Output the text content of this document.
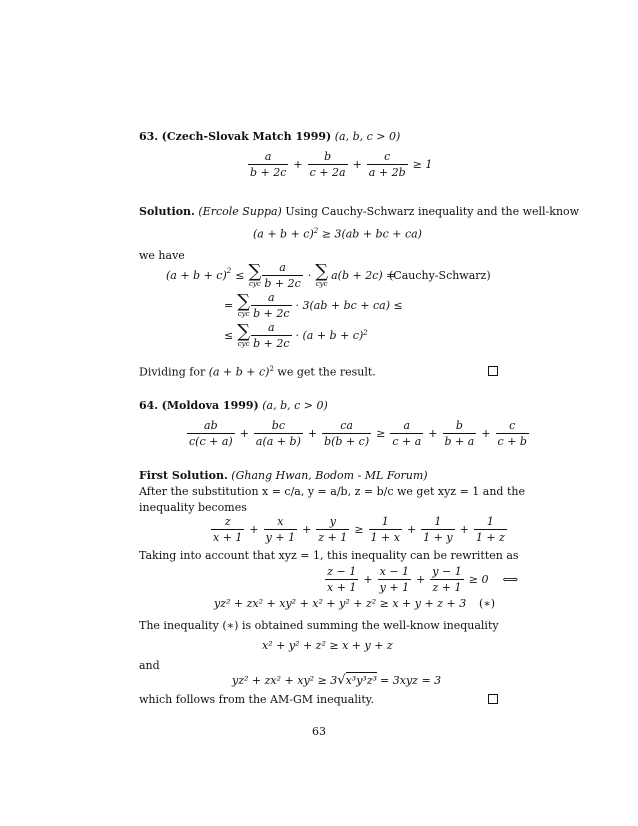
63. (Czech-Slovak Match 1999) (a, b, c > 0)
$\frac{a}{b + 2c} + \frac{b}{c + 2a} + \frac{c}{a + 2b} \ge 1$
Solution. (Ercole Suppa) Using Cauchy-Schwarz inequality and the well-know
$(a + b + c)^2 \ge 3(ab$ + bc + ca)
we have
$(a + b + c)^2$ ≤ ∑
cyc $\frac{a}{b + 2c}$ · ∑
cyc
a(b + 2c) =
(Cauchy-Schwarz)
= ∑
cyc $\frac{a}{b + 2c} \cdot 3(ab$ + bc + ca) ≤
≤ ∑
cyc $\frac{a}{b + 2c} \cdot (a + b + c)$ 2
Dividing for $(a + b + c)^2$ we get the result.
64. (Moldova 1999) (a, b, c > 0)
$\frac{ab}{c(c + a)} + \frac{bc}{a(a + b)} + \frac{ca}{b(b + c)} \ge \frac{a}{c + a} + \frac{b}{b + a} + \frac{c}{c + b}$
First Solution. (Ghang Hwan, Bodom - ML Forum)
After the substitution x = c/a, y = a/b, z = b/c we get xyz = 1 and the
inequality becomes
$\frac{z}{x + 1} + \frac{x}{y + 1} + \frac{y}{z + 1} \ge \frac{1}{1 + x} + \frac{1}{1 + y} + \frac{1}{1 + z}$
Taking into account that xyz = 1, this inequality can be rewritten as
$\frac{z - 1}{x + 1} + \frac{x - 1}{y + 1} + \frac{y - 1}{z + 1} \ge 0$ ⟺
yz² + zx² + xy² + x² + y² + z² ≥ x + y + z + 3 (∗)
The inequality (∗) is obtained summing the well-know inequality
x² + y² + z² ≥ x + y + z
and
yz² + zx² + xy² ≥ 3√x³y³z³ = 3xyz = 3
which follows from the AM-GM inequality.
63
